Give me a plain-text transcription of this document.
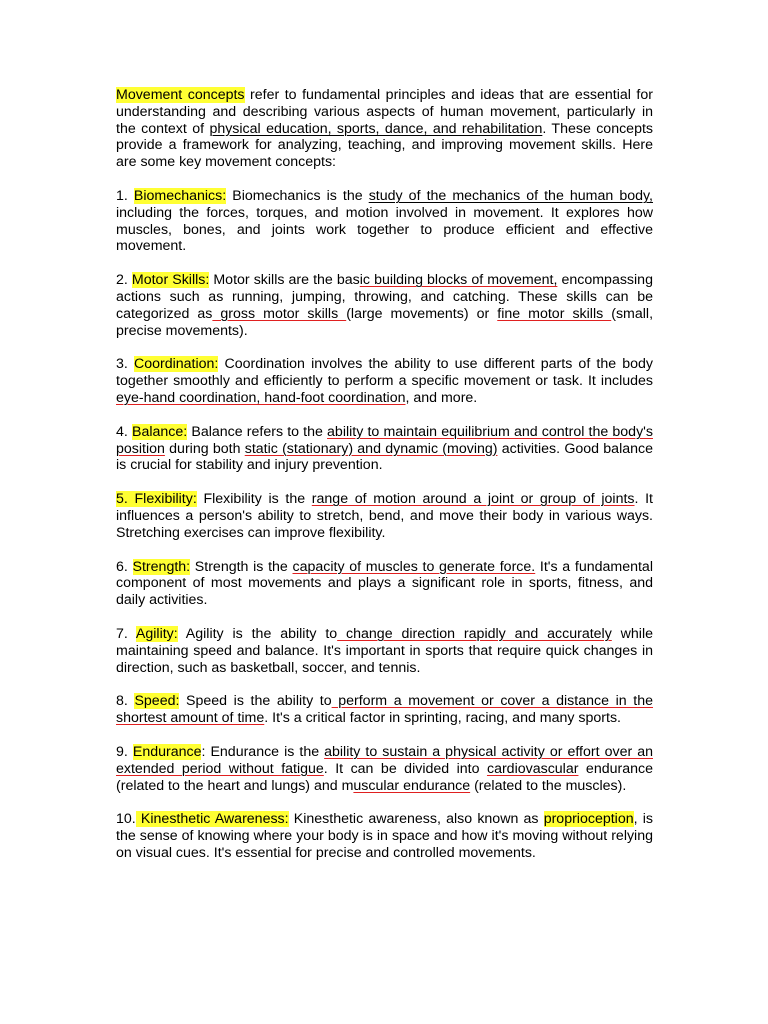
Movement concepts refer to fundamental principles and ideas that are essential for understanding and describing various aspects of human movement, particularly in the context of physical education, sports, dance, and rehabilitation. These concepts provide a framework for analyzing, teaching, and improving movement skills. Here are some key movement concepts:

1. Biomechanics: Biomechanics is the study of the mechanics of the human body, including the forces, torques, and motion involved in movement. It explores how muscles, bones, and joints work together to produce efficient and effective movement.

2. Motor Skills: Motor skills are the basic building blocks of movement, encompassing actions such as running, jumping, throwing, and catching. These skills can be categorized as gross motor skills (large movements) or fine motor skills (small, precise movements).

3. Coordination: Coordination involves the ability to use different parts of the body together smoothly and efficiently to perform a specific movement or task. It includes eye-hand coordination, hand-foot coordination, and more.

4. Balance: Balance refers to the ability to maintain equilibrium and control the body's position during both static (stationary) and dynamic (moving) activities. Good balance is crucial for stability and injury prevention.

5. Flexibility: Flexibility is the range of motion around a joint or group of joints. It influences a person's ability to stretch, bend, and move their body in various ways. Stretching exercises can improve flexibility.

6. Strength: Strength is the capacity of muscles to generate force. It's a fundamental component of most movements and plays a significant role in sports, fitness, and daily activities.

7. Agility: Agility is the ability to change direction rapidly and accurately while maintaining speed and balance. It's important in sports that require quick changes in direction, such as basketball, soccer, and tennis.

8. Speed: Speed is the ability to perform a movement or cover a distance in the shortest amount of time. It's a critical factor in sprinting, racing, and many sports.

9. Endurance: Endurance is the ability to sustain a physical activity or effort over an extended period without fatigue. It can be divided into cardiovascular endurance (related to the heart and lungs) and muscular endurance (related to the muscles).

10. Kinesthetic Awareness: Kinesthetic awareness, also known as proprioception, is the sense of knowing where your body is in space and how it's moving without relying on visual cues. It's essential for precise and controlled movements.
